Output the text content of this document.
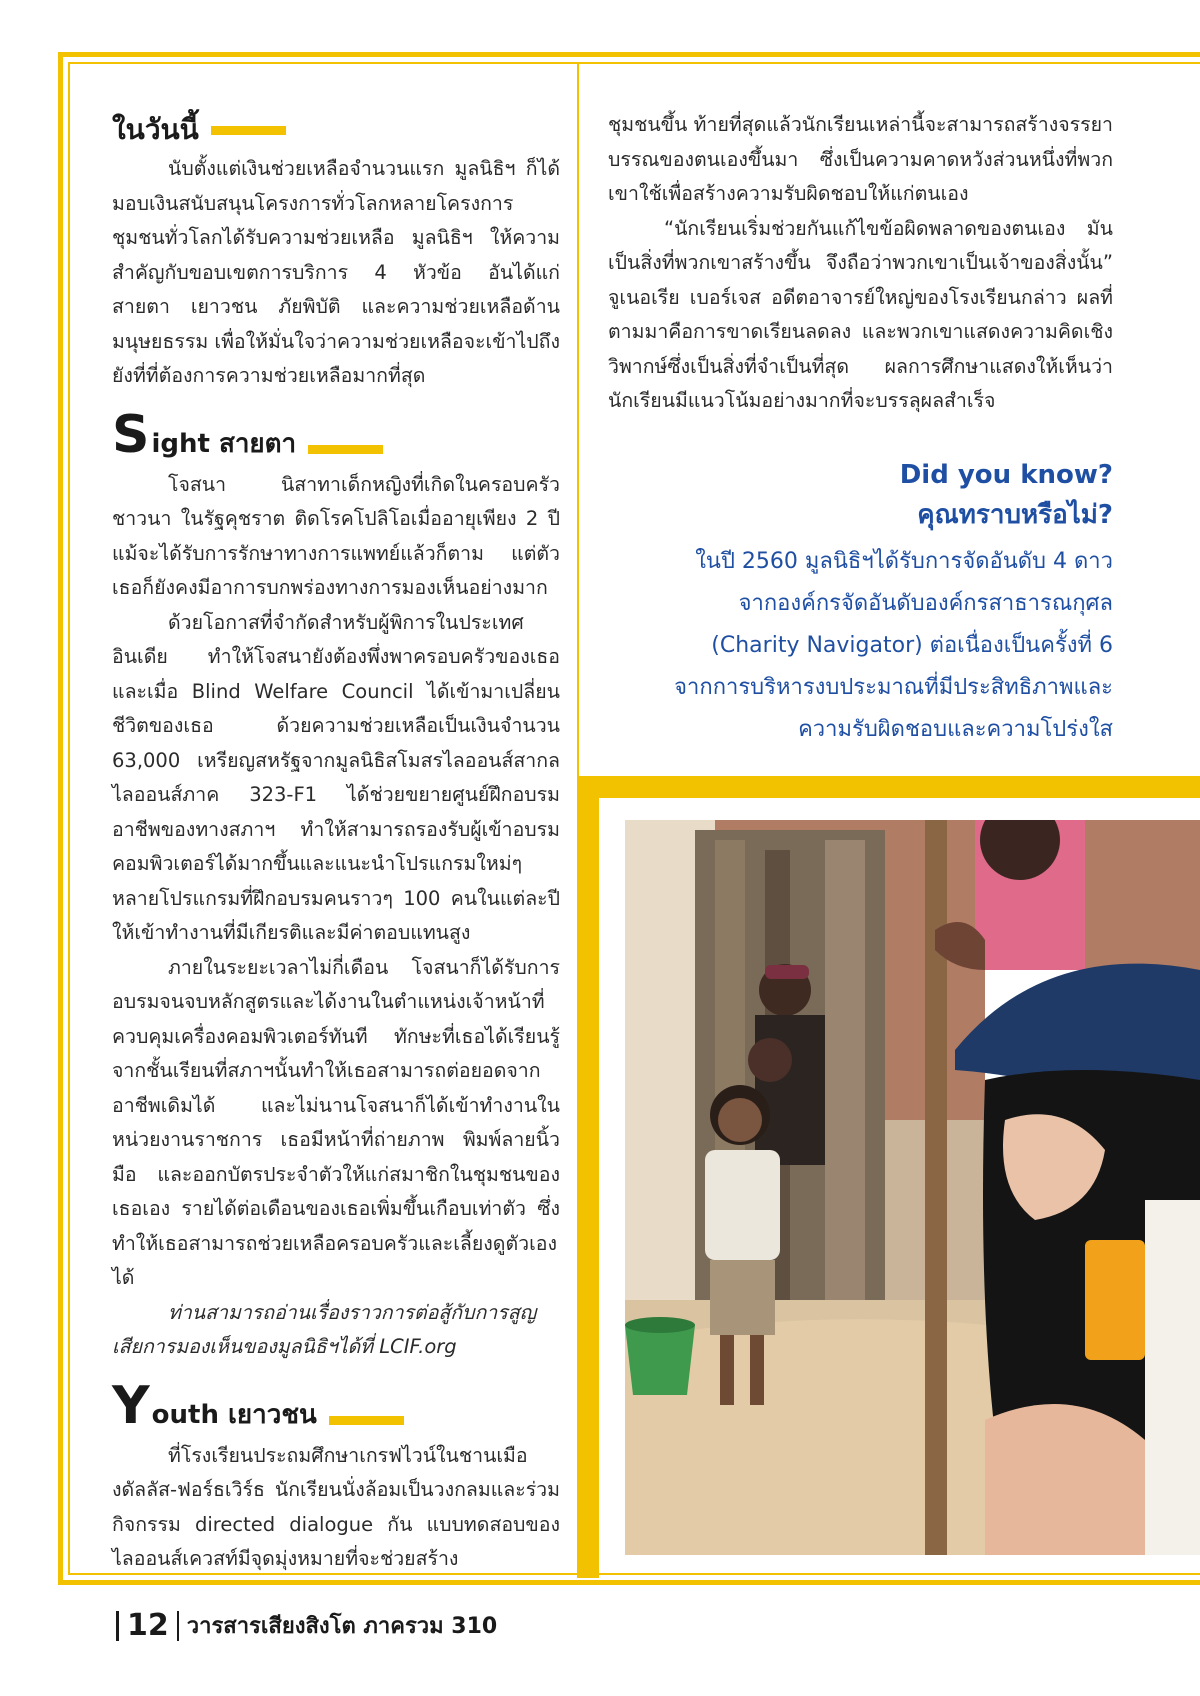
ในวันนี้

นับตั้งแต่เงินช่วยเหลือจำนวนแรก มูลนิธิฯ ก็ได้มอบเงินสนับสนุนโครงการทั่วโลกหลายโครงการ ชุมชนทั่วโลกได้รับความช่วยเหลือ มูลนิธิฯ ให้ความสำคัญกับขอบเขตการบริการ 4 หัวข้อ อันได้แก่ สายตา เยาวชน ภัยพิบัติ และความช่วยเหลือด้านมนุษยธรรม เพื่อให้มั่นใจว่าความช่วยเหลือจะเข้าไปถึงยังที่ที่ต้องการความช่วยเหลือมากที่สุด

S ight สายตา

โจสนา นิสาทาเด็กหญิงที่เกิดในครอบครัวชาวนา ในรัฐคุชราต ติดโรคโปลิโอเมื่ออายุเพียง 2 ปี แม้จะได้รับการรักษาทางการแพทย์แล้วก็ตาม แต่ตัวเธอก็ยังคงมีอาการบกพร่องทางการมองเห็นอย่างมาก

ด้วยโอกาสที่จำกัดสำหรับผู้พิการในประเทศอินเดีย ทำให้โจสนายังต้องพึ่งพาครอบครัวของเธอ และเมื่อ Blind Welfare Council ได้เข้ามาเปลี่ยนชีวิตของเธอ ด้วยความช่วยเหลือเป็นเงินจำนวน 63,000 เหรียญสหรัฐจากมูลนิธิสโมสรไลออนส์สากล ไลออนส์ภาค 323-F1 ได้ช่วยขยายศูนย์ฝึกอบรมอาชีพของทางสภาฯ ทำให้สามารถรองรับผู้เข้าอบรมคอมพิวเตอร์ได้มากขึ้นและแนะนำโปรแกรมใหม่ๆ หลายโปรแกรมที่ฝึกอบรมคนราวๆ 100 คนในแต่ละปีให้เข้าทำงานที่มีเกียรติและมีค่าตอบแทนสูง

ภายในระยะเวลาไม่กี่เดือน โจสนาก็ได้รับการอบรมจนจบหลักสูตรและได้งานในตำแหน่งเจ้าหน้าที่ควบคุมเครื่องคอมพิวเตอร์ทันที ทักษะที่เธอได้เรียนรู้จากชั้นเรียนที่สภาฯนั้นทำให้เธอสามารถต่อยอดจากอาชีพเดิมได้ และไม่นานโจสนาก็ได้เข้าทำงานในหน่วยงานราชการ เธอมีหน้าที่ถ่ายภาพ พิมพ์ลายนิ้วมือ และออกบัตรประจำตัวให้แก่สมาชิกในชุมชนของเธอเอง รายได้ต่อเดือนของเธอเพิ่มขึ้นเกือบเท่าตัว ซึ่งทำให้เธอสามารถช่วยเหลือครอบครัวและเลี้ยงดูตัวเองได้

ท่านสามารถอ่านเรื่องราวการต่อสู้กับการสูญเสียการมองเห็นของมูลนิธิฯได้ที่ LCIF.org

Y outh เยาวชน

ที่โรงเรียนประถมศึกษาเกรฟไวน์ในชานเมืองดัลลัส-ฟอร์ธเวิร์ธ นักเรียนนั่งล้อมเป็นวงกลมและร่วมกิจกรรม directed dialogue กัน แบบทดสอบของไลออนส์เควสท์มีจุดมุ่งหมายที่จะช่วยสร้าง

ชุมชนขึ้น ท้ายที่สุดแล้วนักเรียนเหล่านี้จะสามารถสร้างจรรยาบรรณของตนเองขึ้นมา ซึ่งเป็นความคาดหวังส่วนหนึ่งที่พวกเขาใช้เพื่อสร้างความรับผิดชอบให้แก่ตนเอง

“นักเรียนเริ่มช่วยกันแก้ไขข้อผิดพลาดของตนเอง มันเป็นสิ่งที่พวกเขาสร้างขึ้น จึงถือว่าพวกเขาเป็นเจ้าของสิ่งนั้น” จูเนอเรีย เบอร์เจส อดีตอาจารย์ใหญ่ของโรงเรียนกล่าว ผลที่ตามมาคือการขาดเรียนลดลง และพวกเขาแสดงความคิดเชิงวิพากษ์ซึ่งเป็นสิ่งที่จำเป็นที่สุด ผลการศึกษาแสดงให้เห็นว่านักเรียนมีแนวโน้มอย่างมากที่จะบรรลุผลสำเร็จ

Did you know?
คุณทราบหรือไม่?
ในปี 2560 มูลนิธิฯได้รับการจัดอันดับ 4 ดาว
จากองค์กรจัดอันดับองค์กรสาธารณกุศล
(Charity Navigator) ต่อเนื่องเป็นครั้งที่ 6
จากการบริหารงบประมาณที่มีประสิทธิภาพและ
ความรับผิดชอบและความโปร่งใส
12 วารสารเสียงสิงโต ภาครวม 310
